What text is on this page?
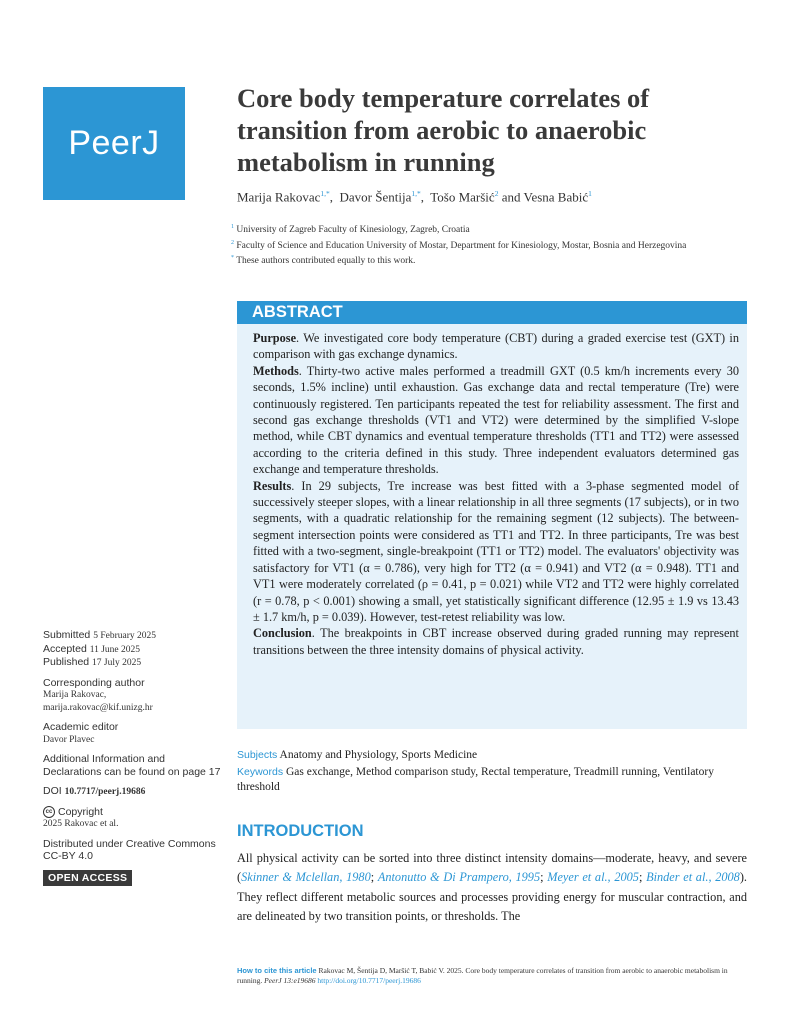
PeerJ
Core body temperature correlates of transition from aerobic to anaerobic metabolism in running
Marija Rakovac$^{1,*}$,  Davor Šentija$^{1,*}$,  Tošo Maršić$^2$ and Vesna Babić$^1$

$^1$ University of Zagreb Faculty of Kinesiology, Zagreb, Croatia

$^2$ Faculty of Science and Education University of Mostar, Department for Kinesiology, Mostar, Bosnia and Herzegovina

* These authors contributed equally to this work.

ABSTRACT

Purpose. We investigated core body temperature (CBT) during a graded exercise test (GXT) in comparison with gas exchange dynamics.

Methods. Thirty-two active males performed a treadmill GXT (0.5 km/h increments every 30 seconds, 1.5% incline) until exhaustion. Gas exchange data and rectal temperature (Tre) were continuously registered. Ten participants repeated the test for reliability assessment. The first and second gas exchange thresholds (VT1 and VT2) were determined by the simplified V-slope method, while CBT dynamics and eventual temperature thresholds (TT1 and TT2) were assessed according to the criteria defined in this study. Three independent evaluators determined gas exchange and temperature thresholds.

Results. In 29 subjects, Tre increase was best fitted with a 3-phase segmented model of successively steeper slopes, with a linear relationship in all three segments (17 subjects), or in two segments, with a quadratic relationship for the remaining segment (12 subjects). The between-segment intersection points were considered as TT1 and TT2. In three participants, Tre was best fitted with a two-segment, single-breakpoint (TT1 or TT2) model. The evaluators' objectivity was satisfactory for VT1 (α = 0.786), very high for TT2 (α = 0.941) and VT2 (α = 0.948). TT1 and VT1 were moderately correlated (ρ = 0.41, p = 0.021) while VT2 and TT2 were highly correlated (r = 0.78, p < 0.001) showing a small, yet statistically significant difference (12.95 ± 1.9 vs 13.43 ± 1.7 km/h, p = 0.039). However, test-retest reliability was low.

Conclusion. The breakpoints in CBT increase observed during graded running may represent transitions between the three intensity domains of physical activity.

Subjects Anatomy and Physiology, Sports Medicine

Keywords Gas exchange, Method comparison study, Rectal temperature, Treadmill running, Ventilatory threshold

INTRODUCTION

All physical activity can be sorted into three distinct intensity domains—moderate, heavy, and severe (Skinner & Mclellan, 1980; Antonutto & Di Prampero, 1995; Meyer et al., 2005; Binder et al., 2008). They reflect different metabolic sources and processes providing energy for muscular contraction, and are delineated by two transition points, or thresholds. The

Submitted 5 February 2025
Accepted 11 June 2025
Published 17 July 2025
Corresponding author
Marija Rakovac,
marija.rakovac@kif.unizg.hr
Academic editor
Davor Plavec
Additional Information and Declarations can be found on page 17
DOI 10.7717/peerj.19686
cc Copyright
2025 Rakovac et al.
Distributed under Creative Commons CC-BY 4.0
OPEN ACCESS
How to cite this article Rakovac M, Šentija D, Maršić T, Babić V. 2025. Core body temperature correlates of transition from aerobic to anaerobic metabolism in running. PeerJ 13:e19686 http://doi.org/10.7717/peerj.19686
